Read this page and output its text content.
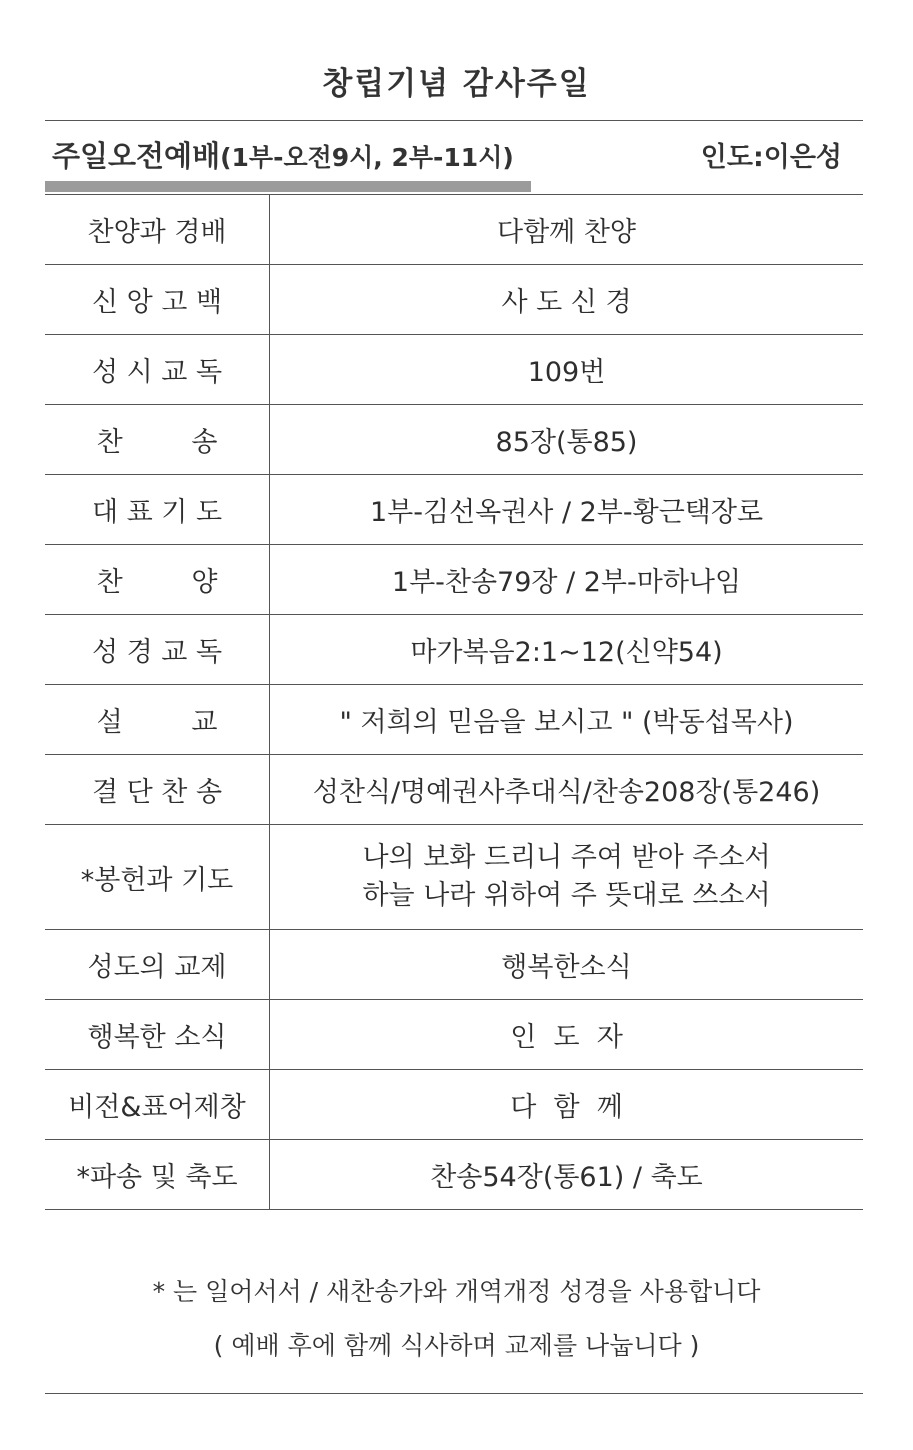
창립기념 감사주일
주일오전예배(1부-오전9시, 2부-11시)	인도:이은성
찬양과 경배	다함께 찬양
신 앙 고 백	사 도 신 경
성 시 교 독	109번
찬        송	85장(통85)
대 표 기 도	1부-김선옥권사 / 2부-황근택장로
찬        양	1부-찬송79장 / 2부-마하나임
성 경 교 독	마가복음2:1~12(신약54)
설        교	" 저희의 믿음을 보시고 " (박동섭목사)
결 단 찬 송	성찬식/명예권사추대식/찬송208장(통246)
*봉헌과 기도	나의 보화 드리니 주여 받아 주소서
하늘 나라 위하여 주 뜻대로 쓰소서
성도의 교제	행복한소식
행복한 소식	인  도  자
비전&표어제창	다  함  께
*파송 및 축도	찬송54장(통61) / 축도
* 는 일어서서 / 새찬송가와 개역개정 성경을 사용합니다
( 예배 후에 함께 식사하며 교제를 나눕니다 )
